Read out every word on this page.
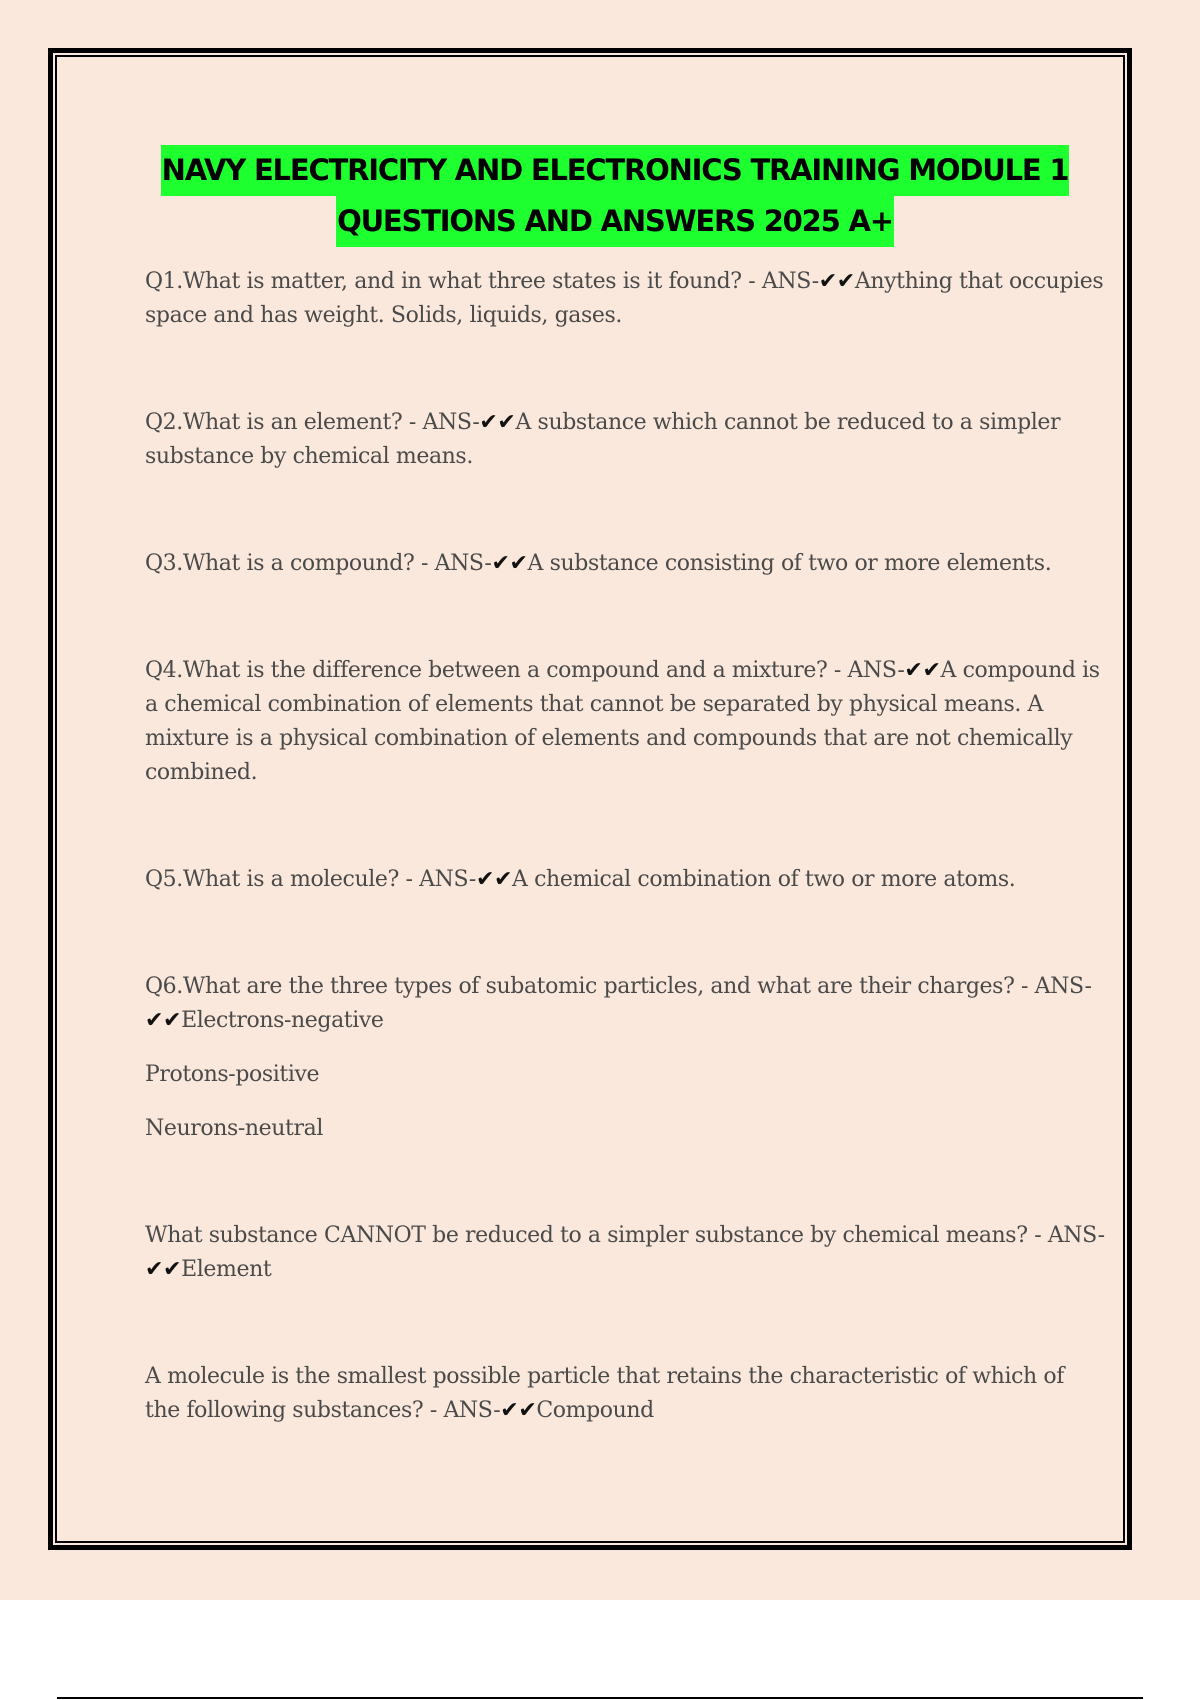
NAVY ELECTRICITY AND ELECTRONICS TRAINING MODULE 1
QUESTIONS AND ANSWERS 2025 A+

Q1.What is matter, and in what three states is it found? - ANS-✔✔Anything that occupies space and has weight. Solids, liquids, gases.

Q2.What is an element? - ANS-✔✔A substance which cannot be reduced to a simpler substance by chemical means.

Q3.What is a compound? - ANS-✔✔A substance consisting of two or more elements.

Q4.What is the difference between a compound and a mixture? - ANS-✔✔A compound is a chemical combination of elements that cannot be separated by physical means. A mixture is a physical combination of elements and compounds that are not chemically combined.

Q5.What is a molecule? - ANS-✔✔A chemical combination of two or more atoms.

Q6.What are the three types of subatomic particles, and what are their charges? - ANS-✔✔Electrons-negative

Protons-positive

Neurons-neutral

What substance CANNOT be reduced to a simpler substance by chemical means? - ANS-✔✔Element

A molecule is the smallest possible particle that retains the characteristic of which of the following substances? - ANS-✔✔Compound
